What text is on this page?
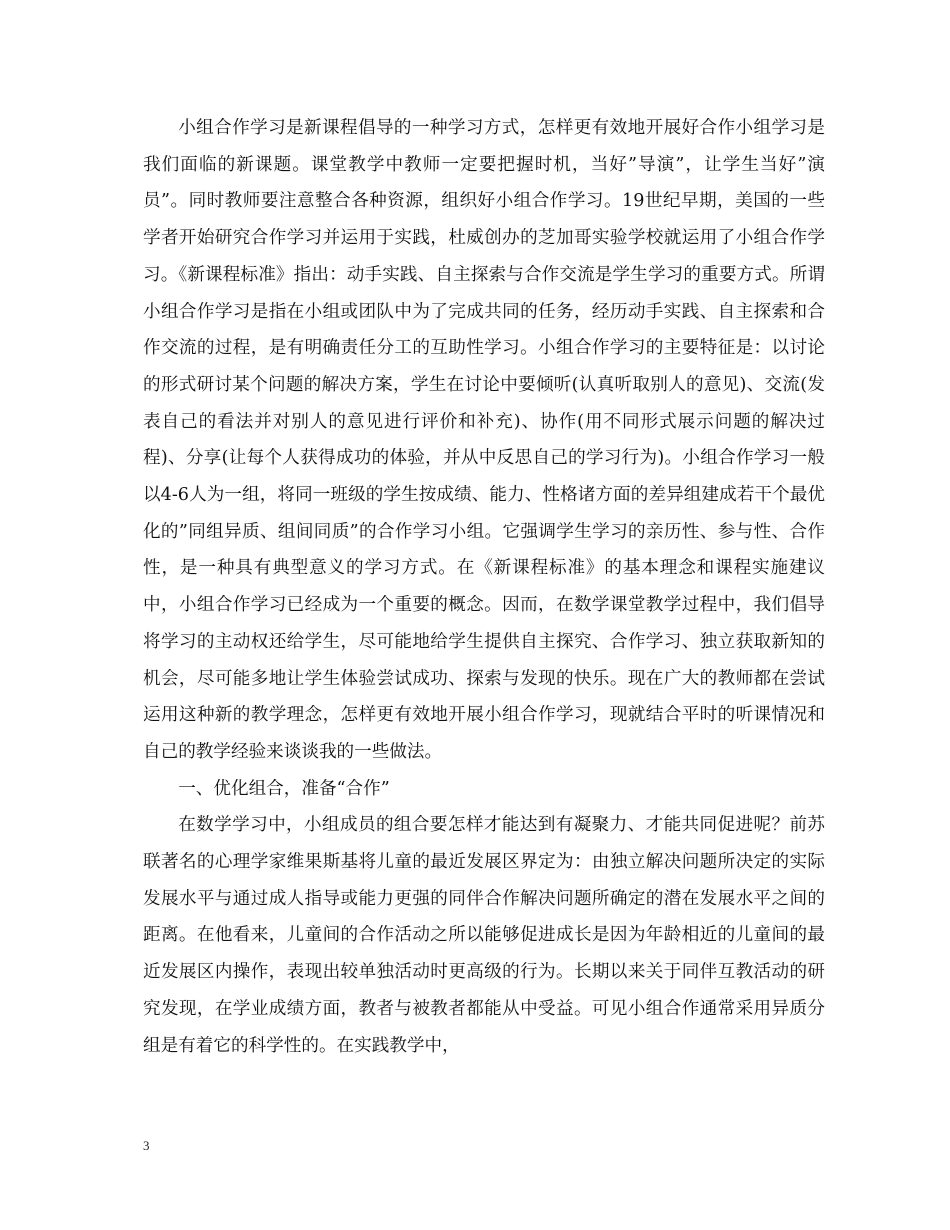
小组合作学习是新课程倡导的一种学习方式，怎样更有效地开展好合作小组学习是我们面临的新课题。课堂教学中教师一定要把握时机，当好”导演”，让学生当好”演员”。同时教师要注意整合各种资源，组织好小组合作学习。19世纪早期，美国的一些学者开始研究合作学习并运用于实践，杜威创办的芝加哥实验学校就运用了小组合作学习。《新课程标准》指出：动手实践、自主探索与合作交流是学生学习的重要方式。所谓小组合作学习是指在小组或团队中为了完成共同的任务，经历动手实践、自主探索和合作交流的过程，是有明确责任分工的互助性学习。小组合作学习的主要特征是：以讨论的形式研讨某个问题的解决方案，学生在讨论中要倾听(认真听取别人的意见)、交流(发表自己的看法并对别人的意见进行评价和补充)、协作(用不同形式展示问题的解决过程)、分享(让每个人获得成功的体验，并从中反思自己的学习行为)。小组合作学习一般以4-6人为一组，将同一班级的学生按成绩、能力、性格诸方面的差异组建成若干个最优化的”同组异质、组间同质”的合作学习小组。它强调学生学习的亲历性、参与性、合作性，是一种具有典型意义的学习方式。在《新课程标准》的基本理念和课程实施建议中，小组合作学习已经成为一个重要的概念。因而，在数学课堂教学过程中，我们倡导将学习的主动权还给学生，尽可能地给学生提供自主探究、合作学习、独立获取新知的机会，尽可能多地让学生体验尝试成功、探索与发现的快乐。现在广大的教师都在尝试运用这种新的教学理念，怎样更有效地开展小组合作学习，现就结合平时的听课情况和自己的教学经验来谈谈我的一些做法。

一、优化组合，准备“合作”

在数学学习中，小组成员的组合要怎样才能达到有凝聚力、才能共同促进呢？前苏联著名的心理学家维果斯基将儿童的最近发展区界定为：由独立解决问题所决定的实际发展水平与通过成人指导或能力更强的同伴合作解决问题所确定的潜在发展水平之间的距离。在他看来，儿童间的合作活动之所以能够促进成长是因为年龄相近的儿童间的最近发展区内操作，表现出较单独活动时更高级的行为。长期以来关于同伴互教活动的研究发现，在学业成绩方面，教者与被教者都能从中受益。可见小组合作通常采用异质分组是有着它的科学性的。在实践教学中，

3
